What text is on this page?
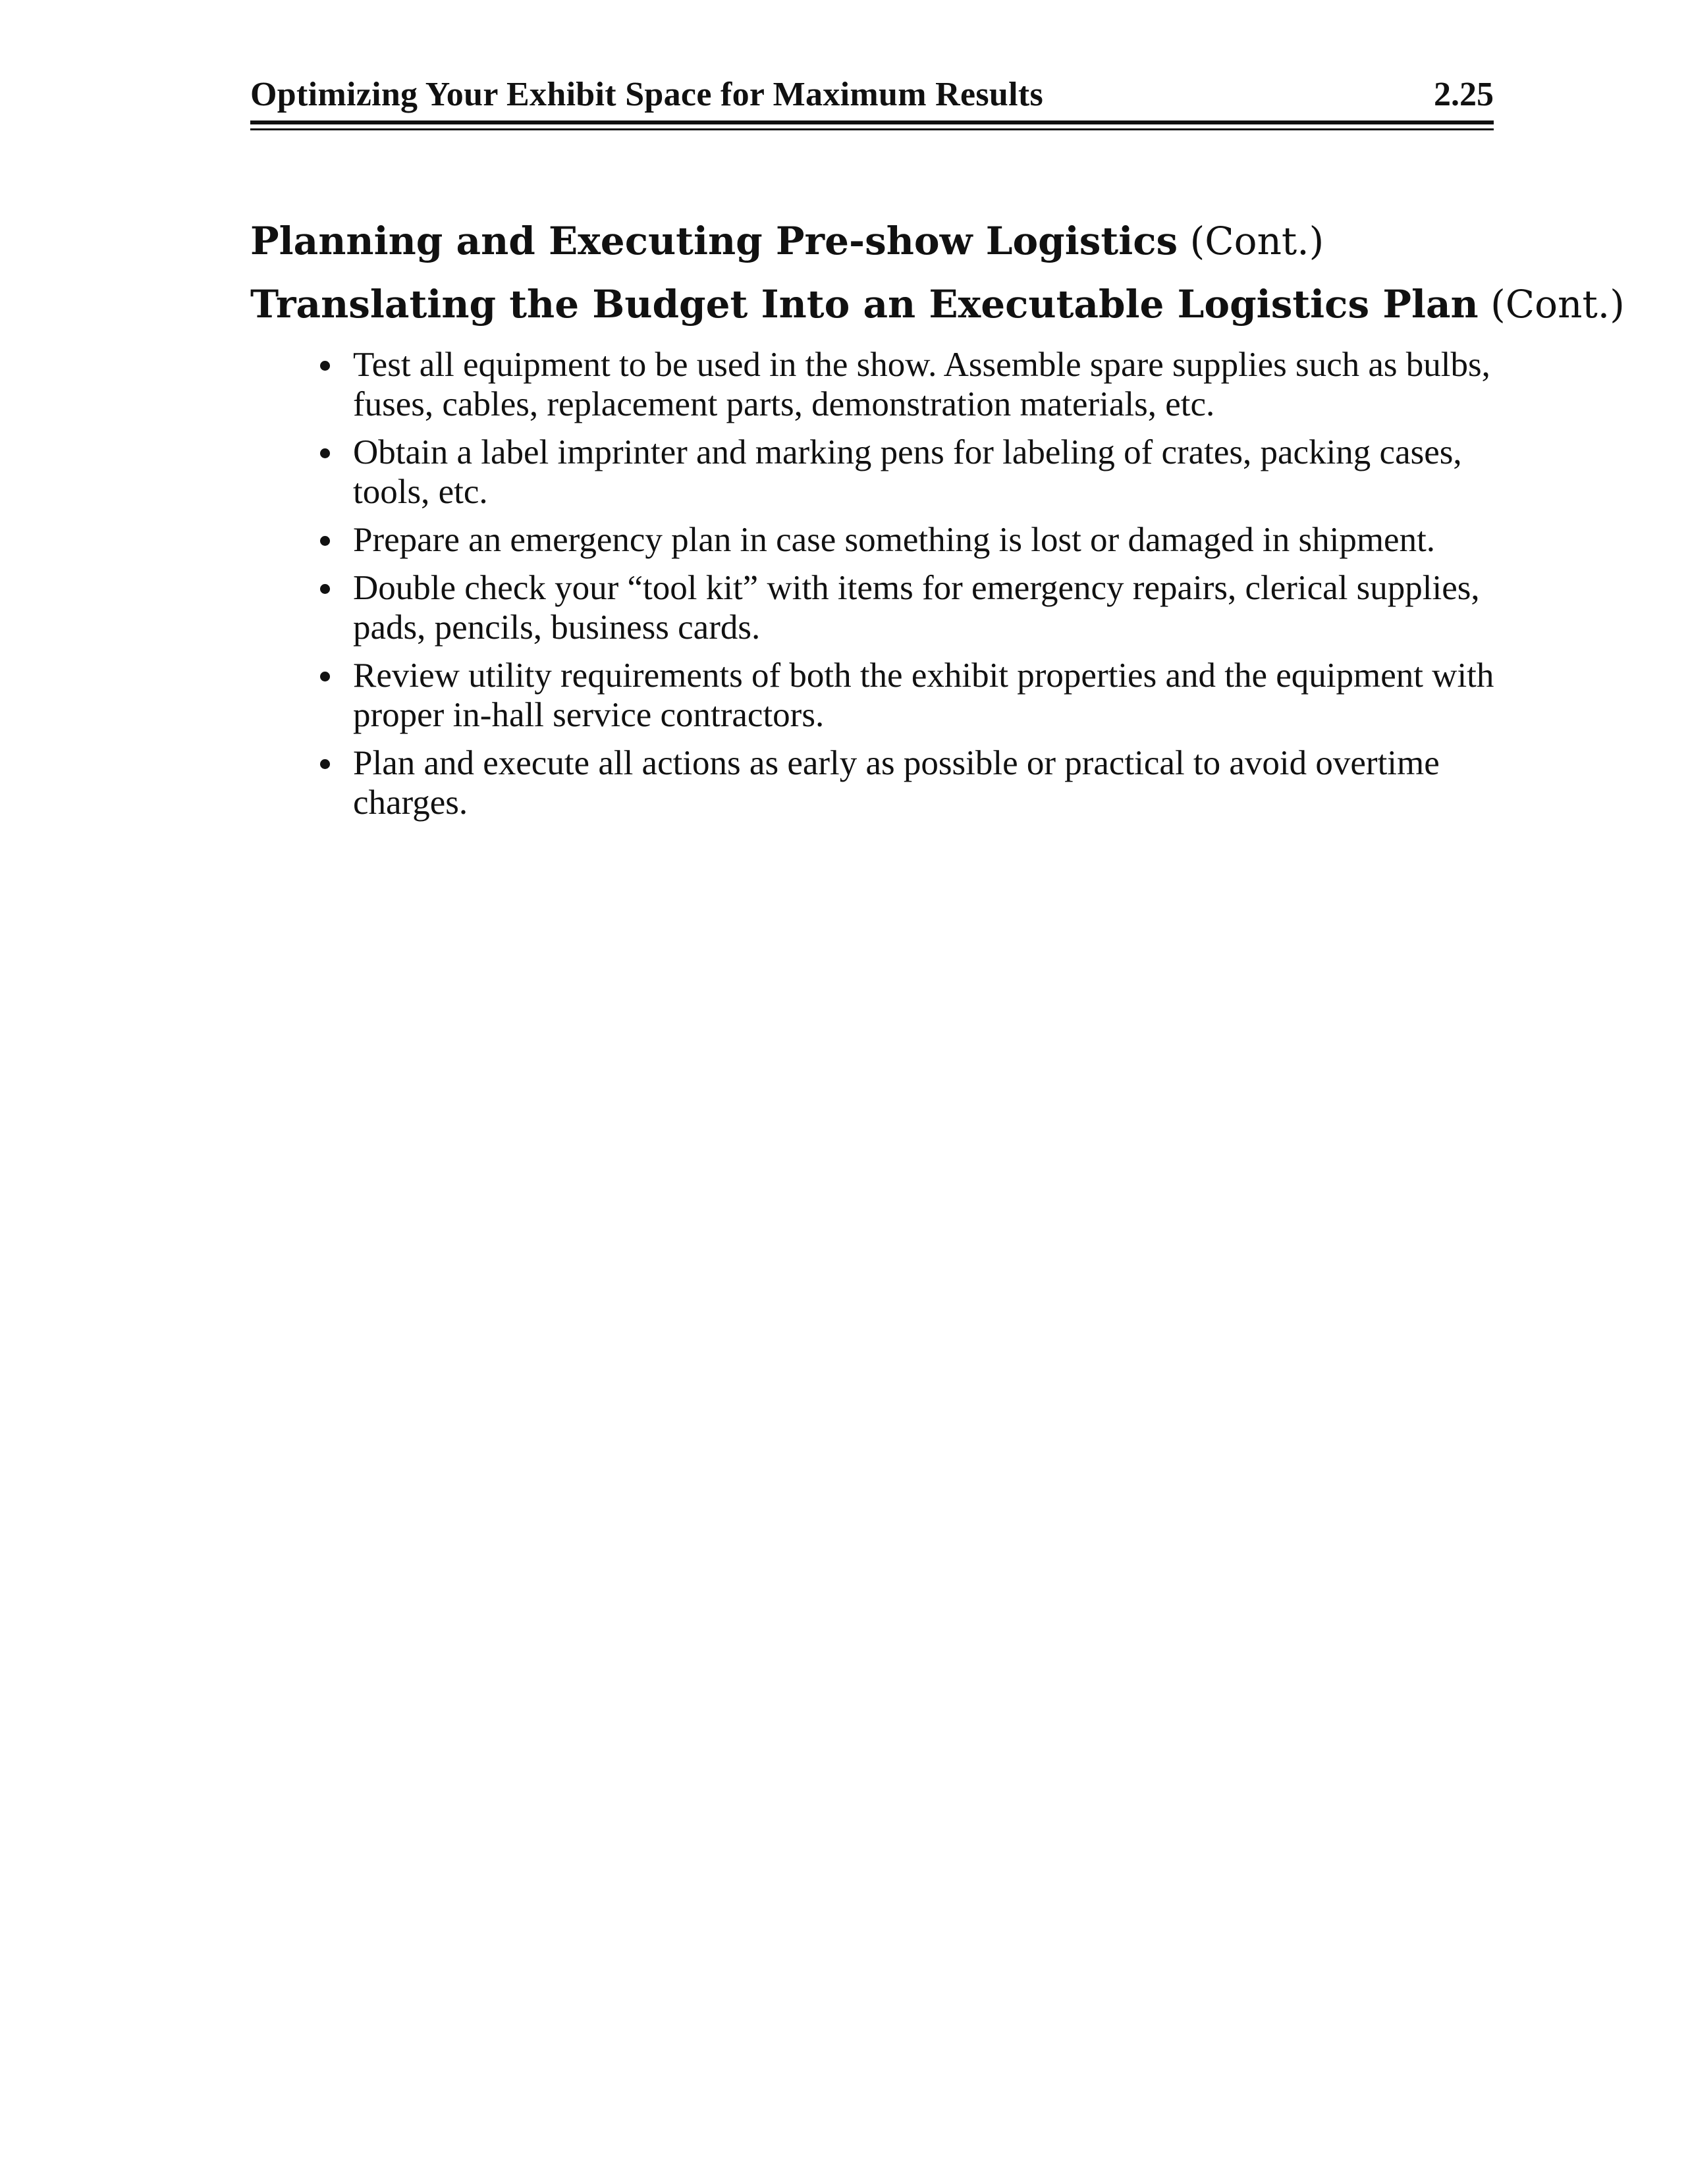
Optimizing Your Exhibit Space for Maximum Results	2.25
Planning and Executing Pre-show Logistics (Cont.)
Translating the Budget Into an Executable Logistics Plan (Cont.)
Test all equipment to be used in the show. Assemble spare supplies such as bulbs, fuses, cables, replacement parts, demonstration materials, etc.
Obtain a label imprinter and marking pens for labeling of crates, packing cases, tools, etc.
Prepare an emergency plan in case something is lost or damaged in shipment.
Double check your “tool kit” with items for emergency repairs, clerical supplies, pads, pencils, business cards.
Review utility requirements of both the exhibit properties and the equipment with proper in-hall service contractors.
Plan and execute all actions as early as possible or practical to avoid overtime charges.
